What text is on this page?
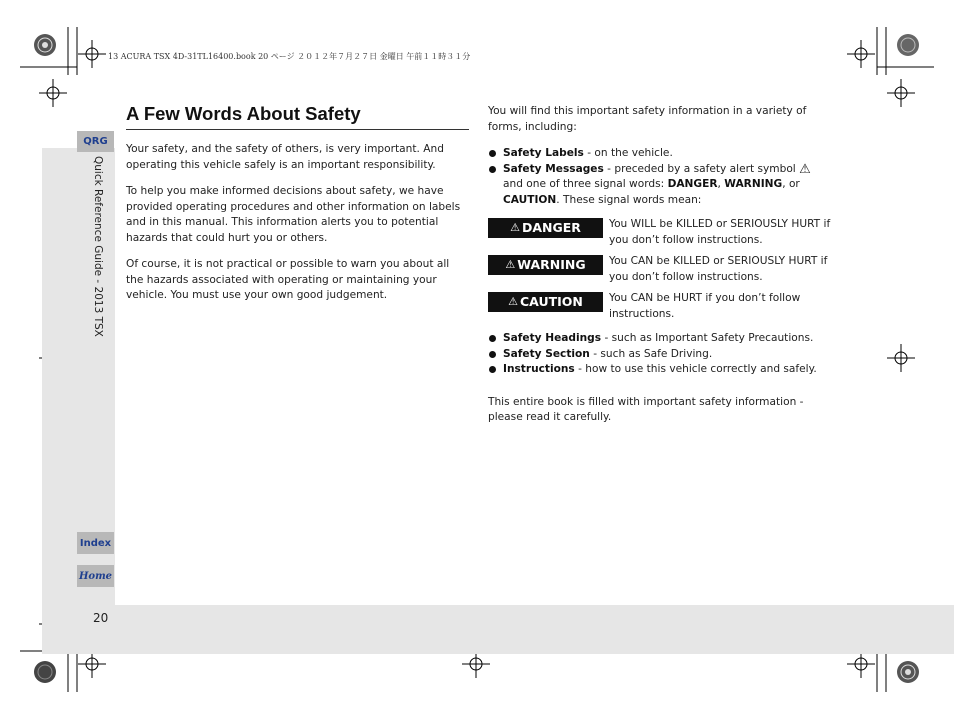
13 ACURA TSX 4D-31TL16400.book 20 ページ ２０１２年７月２７日 金曜日 午前１１時３１分
QRG
Quick Reference Guide - 2013 TSX
Index
Home
20
A Few Words About Safety

Your safety, and the safety of others, is very important. And operating this vehicle safely is an important responsibility.

To help you make informed decisions about safety, we have provided operating procedures and other information on labels and in this manual. This information alerts you to potential hazards that could hurt you or others.

Of course, it is not practical or possible to warn you about all the hazards associated with operating or maintaining your vehicle. You must use your own good judgement.

You will find this important safety information in a variety of forms, including:

Safety Labels - on the vehicle.

Safety Messages - preceded by a safety alert symbol ⚠ and one of three signal words: DANGER, WARNING, or CAUTION. These signal words mean:

⚠ DANGER	You WILL be KILLED or SERIOUSLY HURT if you don’t follow instructions.
⚠ WARNING You CAN be KILLED or SERIOUSLY HURT if you don’t follow instructions.
⚠ CAUTION You CAN be HURT if you don’t follow instructions.

Safety Headings - such as Important Safety Precautions.

Safety Section - such as Safe Driving.

Instructions - how to use this vehicle correctly and safely.

This entire book is filled with important safety information - please read it carefully.
